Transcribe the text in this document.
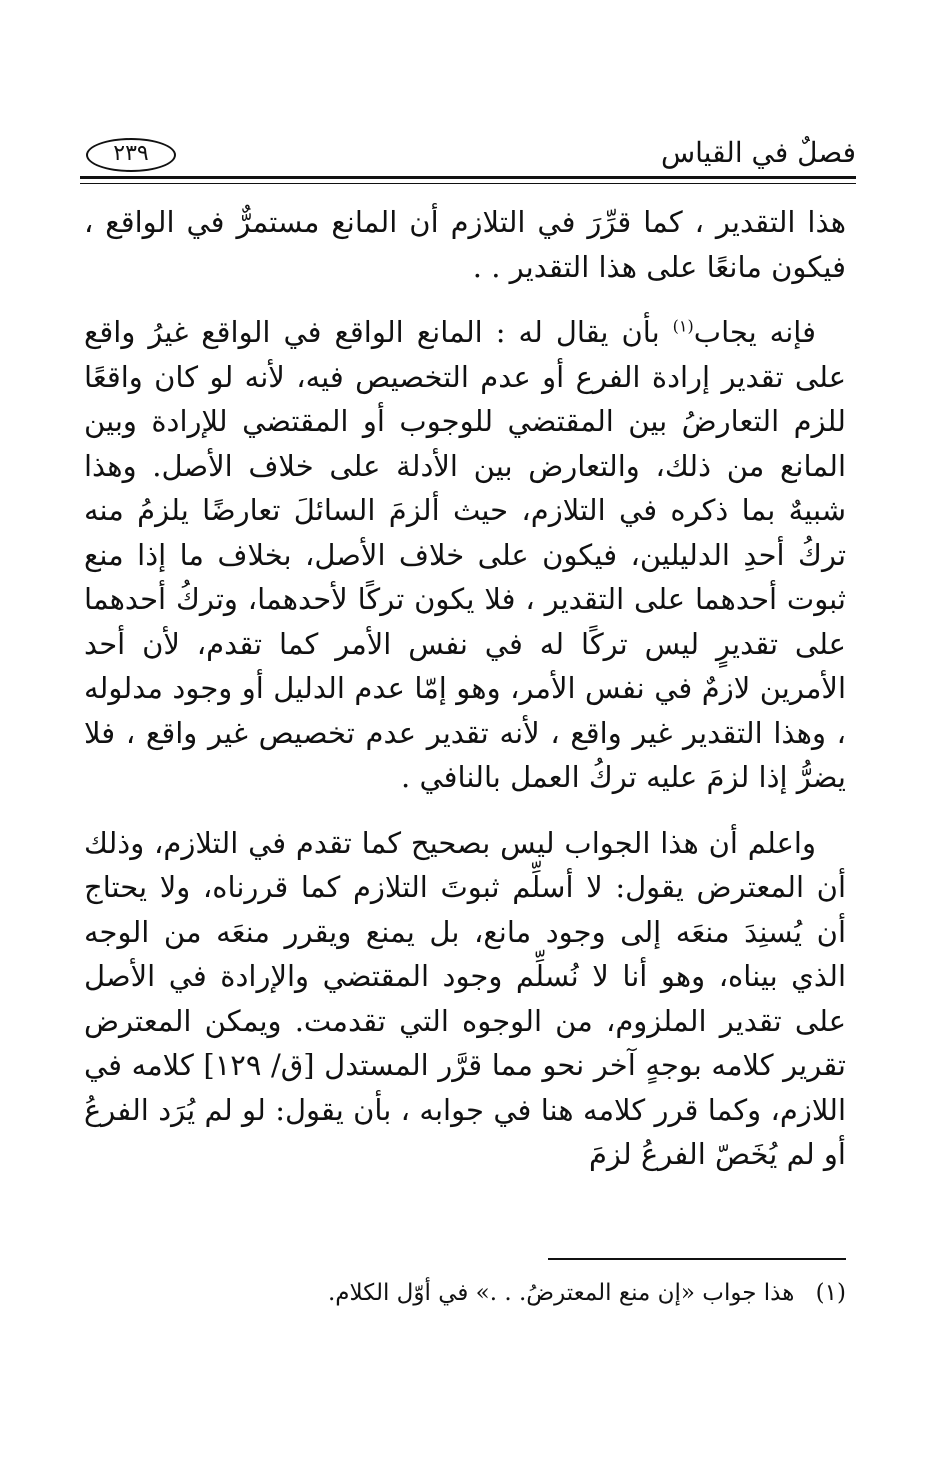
فصلٌ في القياس
٢٣٩

هذا التقدير ، كما قرِّرَ في التلازم أن المانع مستمرٌّ في الواقع ، فيكون مانعًا على هذا التقدير . .

فإنه يجاب$^{(١)}$ بأن يقال له : المانع الواقع في الواقع غيرُ واقع على تقدير إرادة الفرع أو عدم التخصيص فيه، لأنه لو كان واقعًا للزم التعارضُ بين المقتضي للوجوب أو المقتضي للإرادة وبين المانع من ذلك، والتعارض بين الأدلة على خلاف الأصل. وهذا شبيهٌ بما ذكره في التلازم، حيث ألزمَ السائلَ تعارضًا يلزمُ منه تركُ أحدِ الدليلين، فيكون على خلاف الأصل، بخلاف ما إذا منع ثبوت أحدهما على التقدير ، فلا يكون تركًا لأحدهما، وتركُ أحدهما على تقديرٍ ليس تركًا له في نفس الأمر كما تقدم، لأن أحد الأمرين لازمٌ في نفس الأمر، وهو إمّا عدم الدليل أو وجود مدلوله ، وهذا التقدير غير واقع ، لأنه تقدير عدم تخصيص غير واقع ، فلا يضرُّ إذا لزمَ عليه تركُ العمل بالنافي .

واعلم أن هذا الجواب ليس بصحيح كما تقدم في التلازم، وذلك أن المعترض يقول: لا أسلِّم ثبوتَ التلازم كما قررناه، ولا يحتاج أن يُسنِدَ منعَه إلى وجود مانع، بل يمنع ويقرر منعَه من الوجه الذي بيناه، وهو أنا لا نُسلِّم وجود المقتضي والإرادة في الأصل على تقدير الملزوم، من الوجوه التي تقدمت. ويمكن المعترض تقرير كلامه بوجهٍ آخر نحو مما قرَّر المستدل [ق/ ١٢٩] كلامه في اللازم، وكما قرر كلامه هنا في جوابه ، بأن يقول: لو لم يُرَد الفرعُ أو لم يُخَصّ الفرعُ لزمَ

(١) هذا جواب «إن منع المعترضُ. . .» في أوّل الكلام.
